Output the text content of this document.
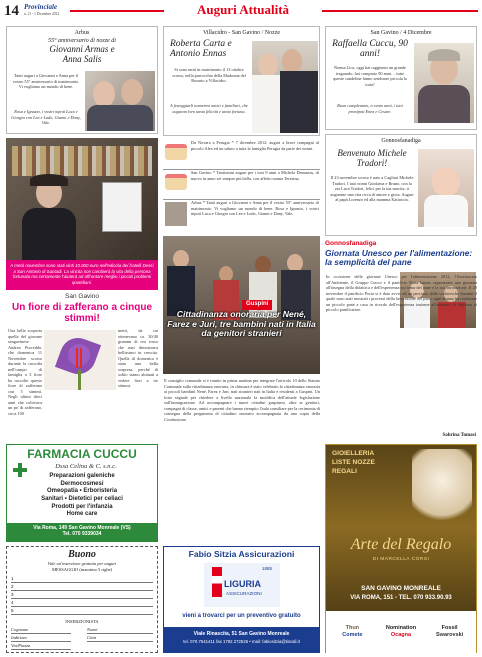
14 Provinciale
n. 21 - 1 Dicembre 2012	Auguri Attualità
Arbus
55° anniversario di nozze di
Giovanni Armas e Anna Salis
Tanti auguri a Giovanni e Anna per il vostro 55° anniversario di matrimonio. Vi vogliamo un mondo di bene.
Rosa e Ignazio, i vostri nipoti Luca e Giorgia con Lea e Ludo, Gianni e Dany, Vale.
Villacidro - San Gavino / Nozze
Roberta Carta e Antonio Ennas
Si sono uniti in matrimonio il 13 ottobre scorso, nella parrocchia della Madonna del Rosario a Villacidro.
A festeggiarli numerosi amici e familiari, che auguran loro tanta felicità e tanta fortuna.
San Gavino / 4 Dicembre
Raffaella Cuccu, 90 anni!
Nonna Lica, oggi hai raggiunto un grande traguardo, hai compiuto 90 anni… tutte queste candeline fanno sembrare piccola la torta!
Buon compleanno, a cento anni, i tuoi pronipoti Enea e Cesare.
A metà novembre sono stati vinti 10.000 euro nell'edicola dei fratelli Dessì a San Antonio di Santadi. La vincita non cambierà la vita della persona fortunata ma certamente l'aiuterà ad affrontare meglio i piccoli problemi quotidiani.
Da Novara a Perugia * 7 dicembre 2012: auguri a bravi compagni al piccolo Alex ed un saluto a tutta la famiglia Perugia da parte dei nonni.
San Gavino * Tantissimi auguri per i tuoi 9 anni a Michela Demurtas, di nuovo in anno sei sempre più bella, con affetto nonna Teresina.
Arbus * Tanti auguri a Giovanni e Anna per il vostro 55° anniversario di matrimonio. Vi vogliamo un mondo di bene. Rosa e Ignazio, i vostri nipoti Luca e Giorgia con Lea e Ludo, Gianni e Dany, Vale.
Gonnosfanadiga
Benvenuto Michele Tradori!
Il 23 novembre scorso è nato a Cagliari Michele Tradori. I tuoi nonni Girolama e Bruno, con la zia Luca Tradori, felici per la tua nascita, ti augurano una vita ricca di amore e gioia. Auguri al papà Lorenzo ed alla mamma Katiuscia.
Guspini
Cittadinanza onoraria per Nené, Farez e Juri, tre bambini nati in Italia da genitori stranieri
Il consiglio comunale si è riunito in prima mattina per integrare l'articolo 10 dello Statuto Comunale sulla cittadinanza onoraria, in chiusura è stato celebrato la cittadinanza onoraria ai piccoli bambini Nené, Farez e Juri, nati stranieri nati in Italia e residenti a Guspini. Un forte segnale per chiedere a livello nazionale la modifica dell'attuale legislazione sull'immigrazione. Ad accompagnare i nuovi cittadini guspinesi, oltre ai genitori, compagni di classe, amici e parenti che hanno riempito l'aula consiliare per la cerimonia di consegna della pergamena di cittadino onorario accompagnata da una copia della Costituzione.
San Gavino
Un fiore di zafferano a cinque stimmi!
Una bella scoperta quella del giovane sangavinese Andrea Porcedda, che domenica 11 Novembre scorso durante la raccolta nell'campo di famiglia a 3 fiore ha raccolto questo fiore di zafferano con 5 stimmi. Negli ultimi dieci anni che coltivava un po' di zafferano, circa 100
metri, da cui ottenevano ca. 30/40 grammi di oro rosso che mai dimostrava bellissimo in crescita. Quella di domenica è stata una bella sorpresa, perché di solito siamo abituati a vedere fiori a tre stimmi.
Gonnosfanadiga
Giornata Unesco per l'alimentazione: la semplicità del pane
In occasione delle giornate Unesco per l'alimentazione 2012, l'Assessorato all'Ambiente, il Gruppo Cuoco e il panificio Porta hanno organizzato una giornata all'insegna della didattica e dell'esperienza sul tema del pane e la sua lavorazione. Il 20 novembre il panificio Porta si è dato avvio ad un percorso delle scolaresche durante il quale sono stati mostrati i processi della lavorazione del pane: ogni alunno ha realizzato un piccolo pane a casa in ricordo dell'esperienza insieme all'attestato di diploma di piccolo panificatore.
Sabrina Tomasi
FARMACIA CUCCU
Dssa Celina & C. s.n.c.
Preparazioni galeniche
Dermocosmesi
Omeopatia • Erboristeria
Sanitari • Dietetici per celiaci
Prodotti per l'infanzia
Home care
Via Roma, 149 San Gavino Monreale (VS)
Tel. 070 9339034
Buono
Vale un'inserzione gratuita per auguri
MESSAGGIO (massimo 5 righe)
1
2
3
4
5
INSERZIONISTA
Cognome
Indirizzo
Via/Piazza
Nome
Città
Fabio Sitzia Assicurazioni
1885
LIGURIA
ASSICURAZIONI
vieni a trovarci per un preventivo gratuito
Viale Rinascita, 51 San Gavino Monreale
tel. 070.7541411 fax 1782.272525 • mail: fabiositzia@tiscali.it
GIOIELLERIA
LISTE NOZZE
REGALI
Arte del Regalo
DI MARCELLA CORSI
SAN GAVINO MONREALE
VIA ROMA, 151 - TEL. 070 933.90.93
Thun	Nomination	Fossil
Comete	Ocagna	Swarovski
